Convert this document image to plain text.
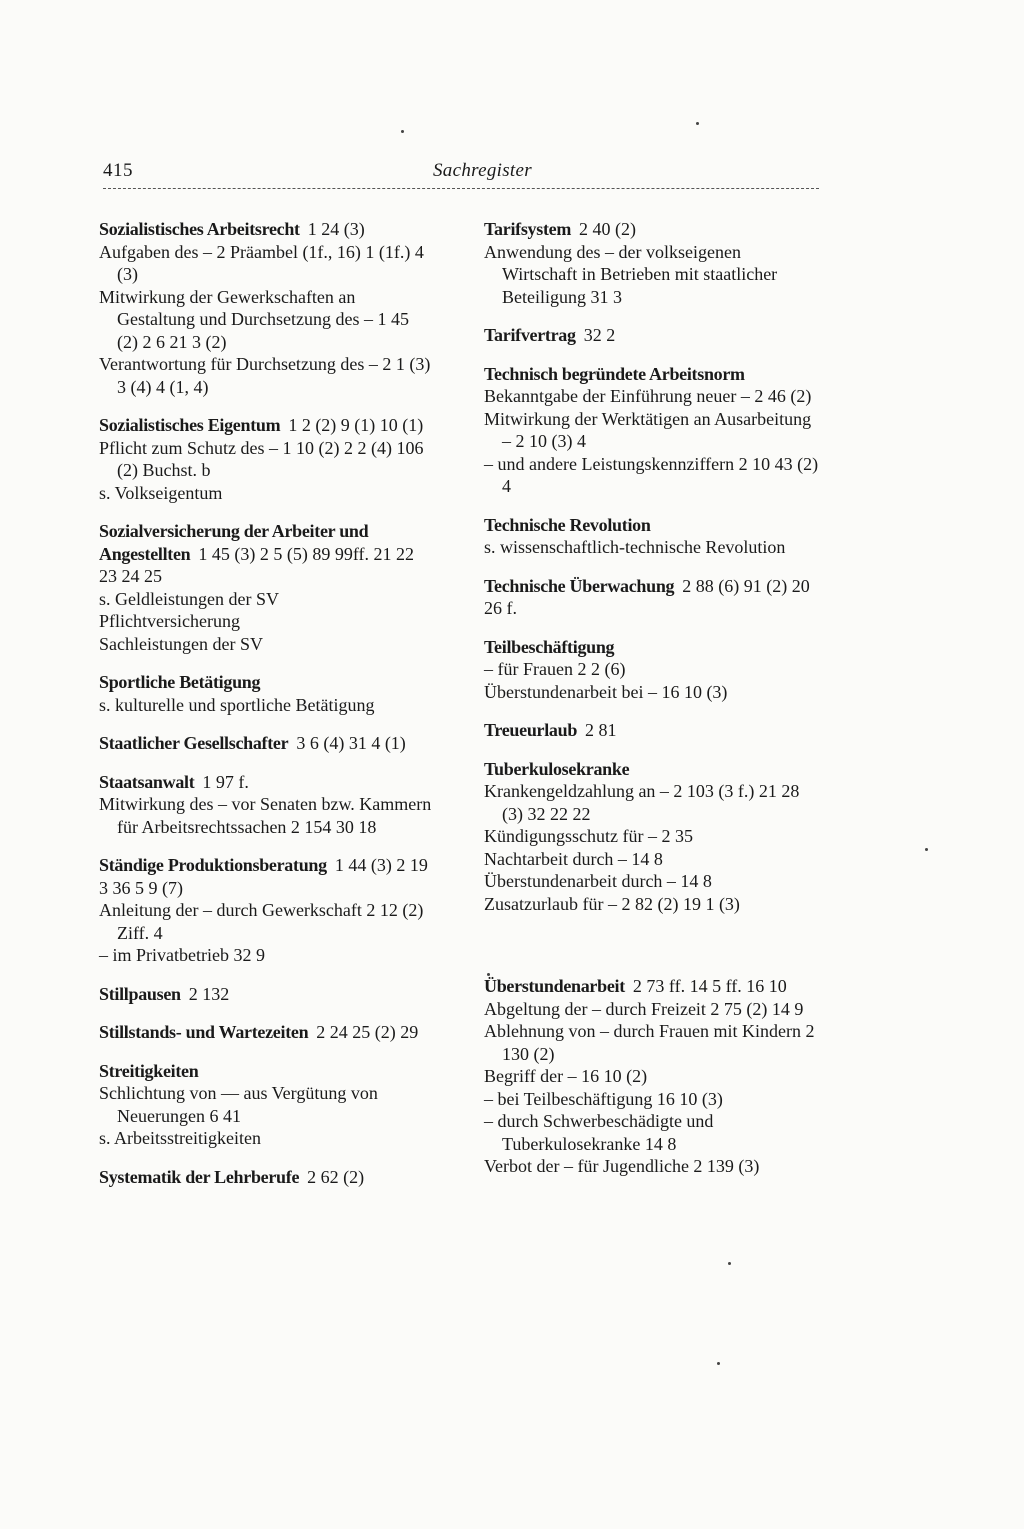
415	Sachregister
Sozialistisches Arbeitsrecht 1 24 (3)
Aufgaben des – 2 Präambel (1f., 16) 1 (1f.) 4 (3)
Mitwirkung der Gewerkschaften an Gestaltung und Durchsetzung des – 1 45 (2) 2 6 21 3 (2)
Verantwortung für Durchsetzung des – 2 1 (3) 3 (4) 4 (1, 4)
Sozialistisches Eigentum 1 2 (2) 9 (1) 10 (1)
Pflicht zum Schutz des – 1 10 (2) 2 2 (4) 106 (2) Buchst. b
s. Volkseigentum
Sozialversicherung der Arbeiter und Angestellten 1 45 (3) 2 5 (5) 89 99ff. 21 22 23 24 25
s. Geldleistungen der SV
Pflichtversicherung
Sachleistungen der SV
Sportliche Betätigung
s. kulturelle und sportliche Betätigung
Staatlicher Gesellschafter 3 6 (4) 31 4 (1)
Staatsanwalt 1 97 f.
Mitwirkung des – vor Senaten bzw. Kammern für Arbeitsrechtssachen 2 154 30 18
Ständige Produktionsberatung 1 44 (3) 2 19 3 36 5 9 (7)
Anleitung der – durch Gewerkschaft 2 12 (2) Ziff. 4
– im Privatbetrieb 32 9
Stillpausen 2 132
Stillstands- und Wartezeiten 2 24 25 (2) 29
Streitigkeiten
Schlichtung von — aus Vergütung von Neuerungen 6 41
s. Arbeitsstreitigkeiten
Systematik der Lehrberufe 2 62 (2)
Tarifsystem 2 40 (2)
Anwendung des – der volkseigenen Wirtschaft in Betrieben mit staatlicher Beteiligung 31 3
Tarifvertrag 32 2
Technisch begründete Arbeitsnorm
Bekanntgabe der Einführung neuer – 2 46 (2)
Mitwirkung der Werktätigen an Ausarbeitung – 2 10 (3) 4
– und andere Leistungskennziffern 2 10 43 (2) 4
Technische Revolution
s. wissenschaftlich-technische Revolution
Technische Überwachung 2 88 (6) 91 (2) 20 26 f.
Teilbeschäftigung
– für Frauen 2 2 (6)
Überstundenarbeit bei – 16 10 (3)
Treueurlaub 2 81
Tuberkulosekranke
Krankengeldzahlung an – 2 103 (3 f.) 21 28 (3) 32 22 22
Kündigungsschutz für – 2 35
Nachtarbeit durch – 14 8
Überstundenarbeit durch – 14 8
Zusatzurlaub für – 2 82 (2) 19 1 (3)
Überstundenarbeit 2 73 ff. 14 5 ff. 16 10
Abgeltung der – durch Freizeit 2 75 (2) 14 9
Ablehnung von – durch Frauen mit Kindern 2 130 (2)
Begriff der – 16 10 (2)
– bei Teilbeschäftigung 16 10 (3)
– durch Schwerbeschädigte und Tuberkulosekranke 14 8
Verbot der – für Jugendliche 2 139 (3)
